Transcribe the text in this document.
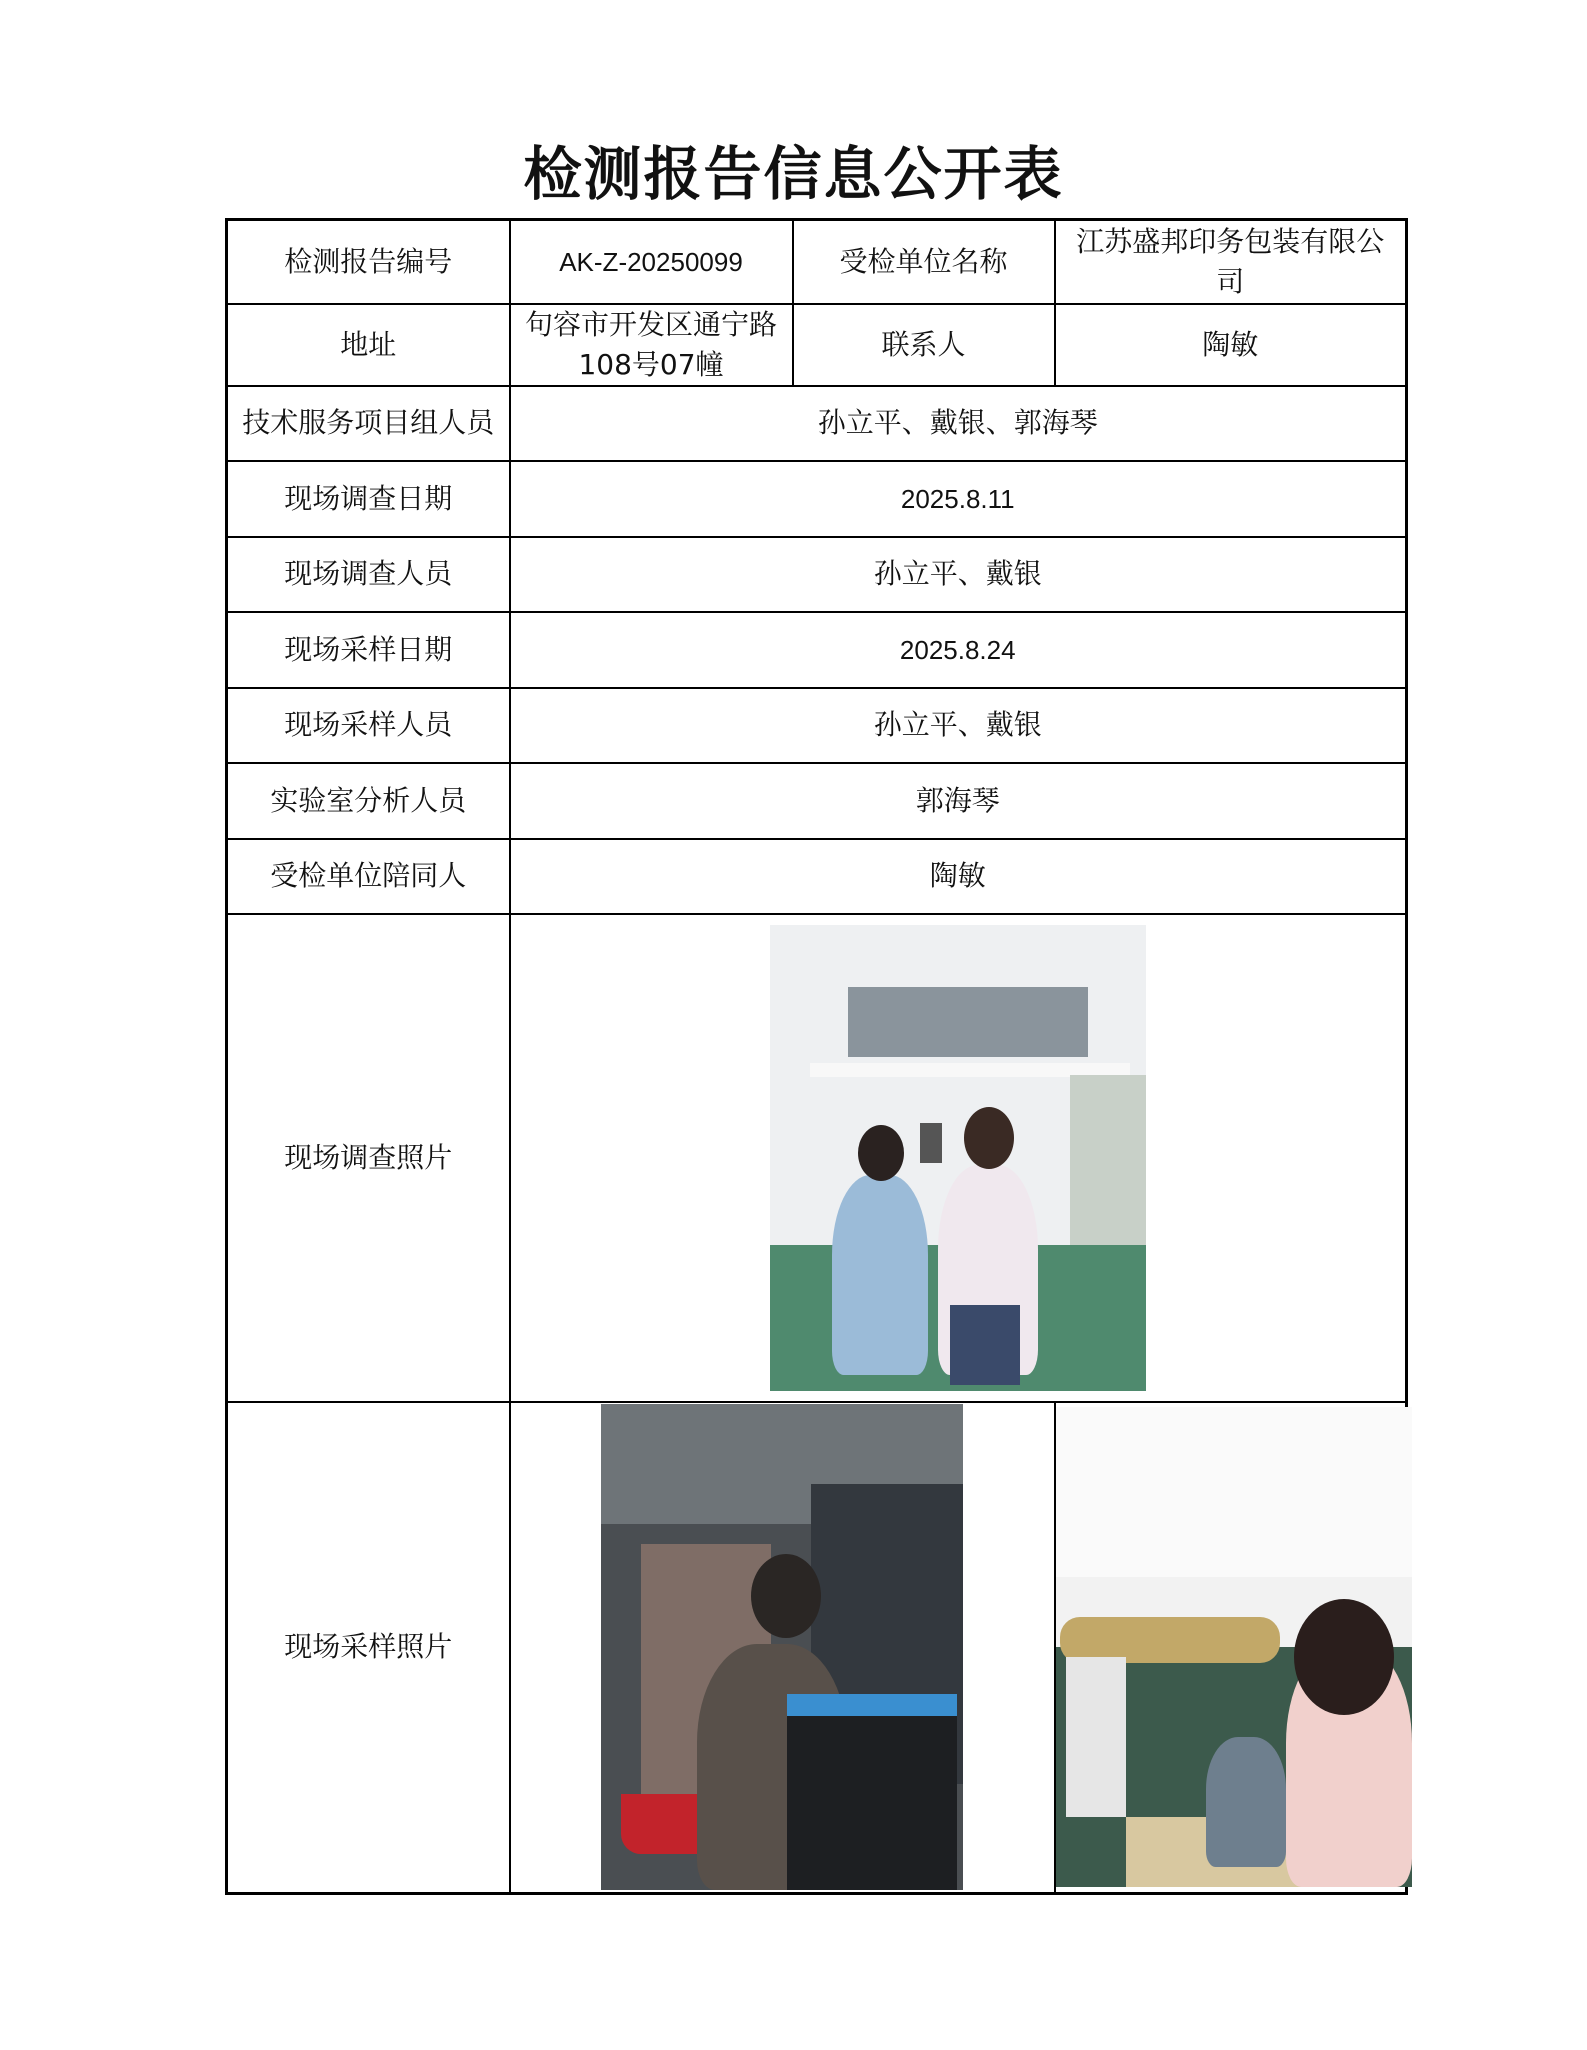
检测报告信息公开表
检测报告编号	AK-Z-20250099	受检单位名称	江苏盛邦印务包装有限公司
地址	句容市开发区通宁路108号07幢	联系人	陶敏
技术服务项目组人员	孙立平、戴银、郭海琴		
现场调查日期	2025.8.11		
现场调查人员	孙立平、戴银		
现场采样日期	2025.8.24		
现场采样人员	孙立平、戴银		
实验室分析人员	郭海琴		
受检单位陪同人	陶敏		
现场调查照片			

现场采样照片		
